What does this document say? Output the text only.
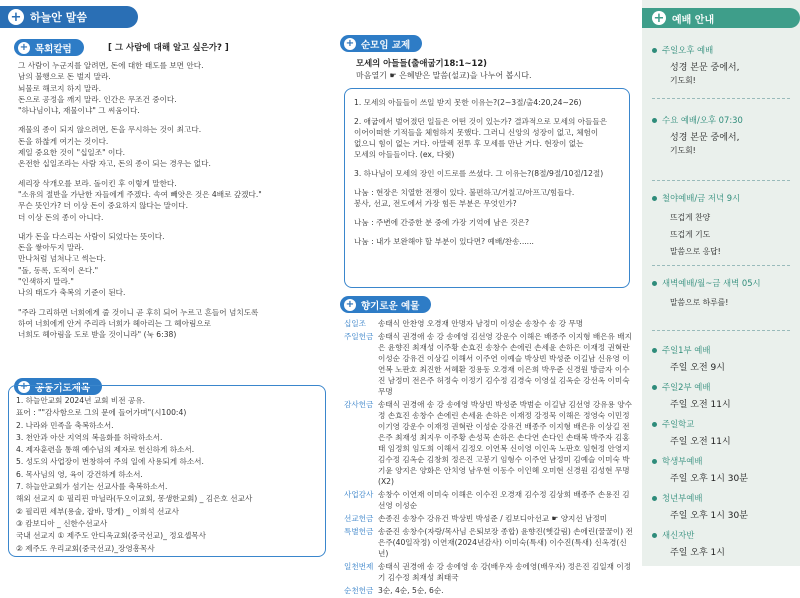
+ 하늘안 말씀
+ 목회칼럼	[ 그 사람에 대해 알고 싶은가? ]

그 사람이 누군지를 알려면, 돈에 대한 태도를 보면 안다.

남의 불행으로 돈 벌지 말라.

뇌물로 해코지 하지 말라.

돈으로 공정을 깨지 말라. 인간은 무조건 중이다.

"하나님이냐, 재물이냐" 그 씨움이다.

재물의 종이 되지 않으려면, 돈을 무시하는 것이 최고다.

돈을 하찮게 여기는 것이다.

제일 중요한 것이 "십일조" 이다.

온전한 십일조라는 사람 자고, 돈의 종이 되는 경우는 없다.

세리장 삭개오를 보라. 돌이킨 후 이렇게 말한다.

"소유의 절반을 가난한 자들에게 주겠다. 속여 빼앗은 것은 4배로 갚겠다."

무슨 뜻인가? 더 이상 돈이 중요하지 않다는 말이다.

더 이상 돈의 종이 아니다.

내가 돈을 다스리는 사람이 되었다는 뜻이다.

돈을 쌓아두지 말라.

만나처럼 넘쳐나고 썩는다.

"돌, 동록, 도적이 온다."

"인색하지 말라."

나의 태도가 축복의 기준이 된다.

"주라 그리하면 너희에게 줄 것이니 곧 후히 되어 누르고 흔들어 넘치도록

하여 너희에게 안겨 주리라 너희가 헤아리는 그 헤아림으로

너희도 헤아림을 도로 받을 것이니라" (눅 6:38)

+ 공동기도제목

1. 하늘안교회 2024년 교회 비전 공유.

표어 : ""감사함으로 그의 문에 들어가며"(시100:4)

2. 나라와 민족을 축복하소서.

3. 천안과 아산 지역의 복음화를 허락하소서.

4. 제자훈련을 통해 예수님의 제자로 헌신하게 하소서.

5. 성도의 사업장이 번창하여 주의 일에 사용되게 하소서.

6. 목사님의 영, 육이 강건하게 하소서.

7. 하늘안교회가 섬기는 선교사를 축복하소서.

해외 선교지 ① 필리핀 마닐라(두오이교회, 몽생한교회) _ 김은호 선교사

② 필리핀 세부(용술, 잡바, 망게) _ 이희석 선교사

③ 캄보디아 _ 신한수선교사

국내 선교지 ① 제주도 안디옥교회(중국선교)_ 정요셉목사

② 제주도 우리교회(중국선교)_장영흥목사

+ 순모임 교제
모세의 아들들(출애굽기18:1~12)
마음열기 ☛ 은혜받은 말씀(설교)을 나누어 봅시다.

1. 모세의 아들들이 쓰일 받지 못한 이유는?(2~3절/출4:20,24~26)

2. 애굽에서 벌어졌던 일들은 어떤 것이 있는가? 결과적으로 모세의 아들들은

이어이떠한 기적들을 체험하지 못했다. 그러니 신앙의 성장이 없고, 체험이

없으니 힘이 없는 거다. 아말렉 전투 후 모세를 만난 거다. 현장이 없는

모세의 아들들이다. (ex, 다윗)

3. 하나님이 모세의 장인 이드로를 쓰셨다. 그 이유는?(8절/9절/10절/12절)

나눔 : 현장은 치열한 전쟁이 있다. 불편하고/거칠고/아프고/힘들다.

봉사, 선교, 전도에서 가장 힘든 부분은 무엇인가?

나눔 : 주변에 간증한 분 중에 가장 기억에 남은 것은?

나눔 : 내가 보완해야 할 부분이 있다면? 예배/찬송......

+ 향기로운 예물
십일조	송태식 안찬영 오경재 안명자 남정미 이성순 송창수 송 강 무명
주일헌금 송태식 권경애 송 강 송에영 김선영 강운수 이해은 배종주 이지형 배은유 배지은 윤향진 최재성 이주황 손효진 송창수 손에린 손세윤 손하은 이재정 권혁란 이성순 강유건 이상길 이해서 이주연 이예슬 박상빈 박성준 이길남 신유영 이연복 노판호 최진한 서혜환 정용동 오경재 이은희 박우준 신경원 방금자 이수진 남정미 전은주 허정숙 이정기 김수정 김경숙 이영실 김옥순 강선옥 이미숙 무명
감사헌금 송태식 권경애 송 강 송에영 박상빈 박성준 박범순 이길남 김선영 강유용 양수정 손효진 송창수 손에린 손세윤 손하은 이재정 강정묵 이해은 정영숙 이민정 이기영 강운수 이재정 권혁란 이성순 강유건 배종주 이지형 배은유 이상길 전은주 최재성 최지우 이주황 손성묵 손하은 손다연 손다인 손태복 박주자 김홍태 임정희 임도희 이해서 김정오 이연복 신이영 이인옥 노판호 임현정 안영지 김수정 김옥순 김창희 정은진 고봉기 임형수 이주연 남정미 김예슬 이미숙 박기윤 양지은 양화은 안치영 남우현 이동수 이인혜 오미현 신경원 김성현 무명(X2)
사업감사 송창수 이연재 이미숙 이해은 이수진 오경재 김수정 김상희 배종주 손용진 김선영 이성순
선교헌금 손종진 송창수 강유건 박상빈 박성준 / 킴보디아선교 ☛ 양지선 남정미
특별헌금 송준진 송창수(자랑/목사님 은퇴보장 종합) 윤향진(헷갈림) 손에린(꿀꿀이) 전은주(40일작정) 이연재(2024년감사) 이미숙(특새) 이수진(특새) 신옥경(신년)
일천번제 송태식 권경애 송 강 송에영 송 강(배우자 송에영(배우자) 정은진 김일재 이정기 김수정 최재성 최태국
순천헌금 3순, 4순, 5순, 6순.
+ 예배 안내
주일오후 예배
성경 본문 중에서,
기도회!
수요 예배/오후 07:30
성경 본문 중에서,
기도회!
철야예배/금 저녁 9시
뜨겁게 찬양
뜨겁게 기도
말씀으로 응답!
새벽예배/월~금 새벽 05시
말씀으로 하루를!
주일1부 예배
주일 오전 9시
주일2부 예배
주일 오전 11시
주일학교
주일 오전 11시
학생부예배
주일 오후 1시 30분
청년부예배
주일 오후 1시 30분
새신자반
주일 오후 1시
